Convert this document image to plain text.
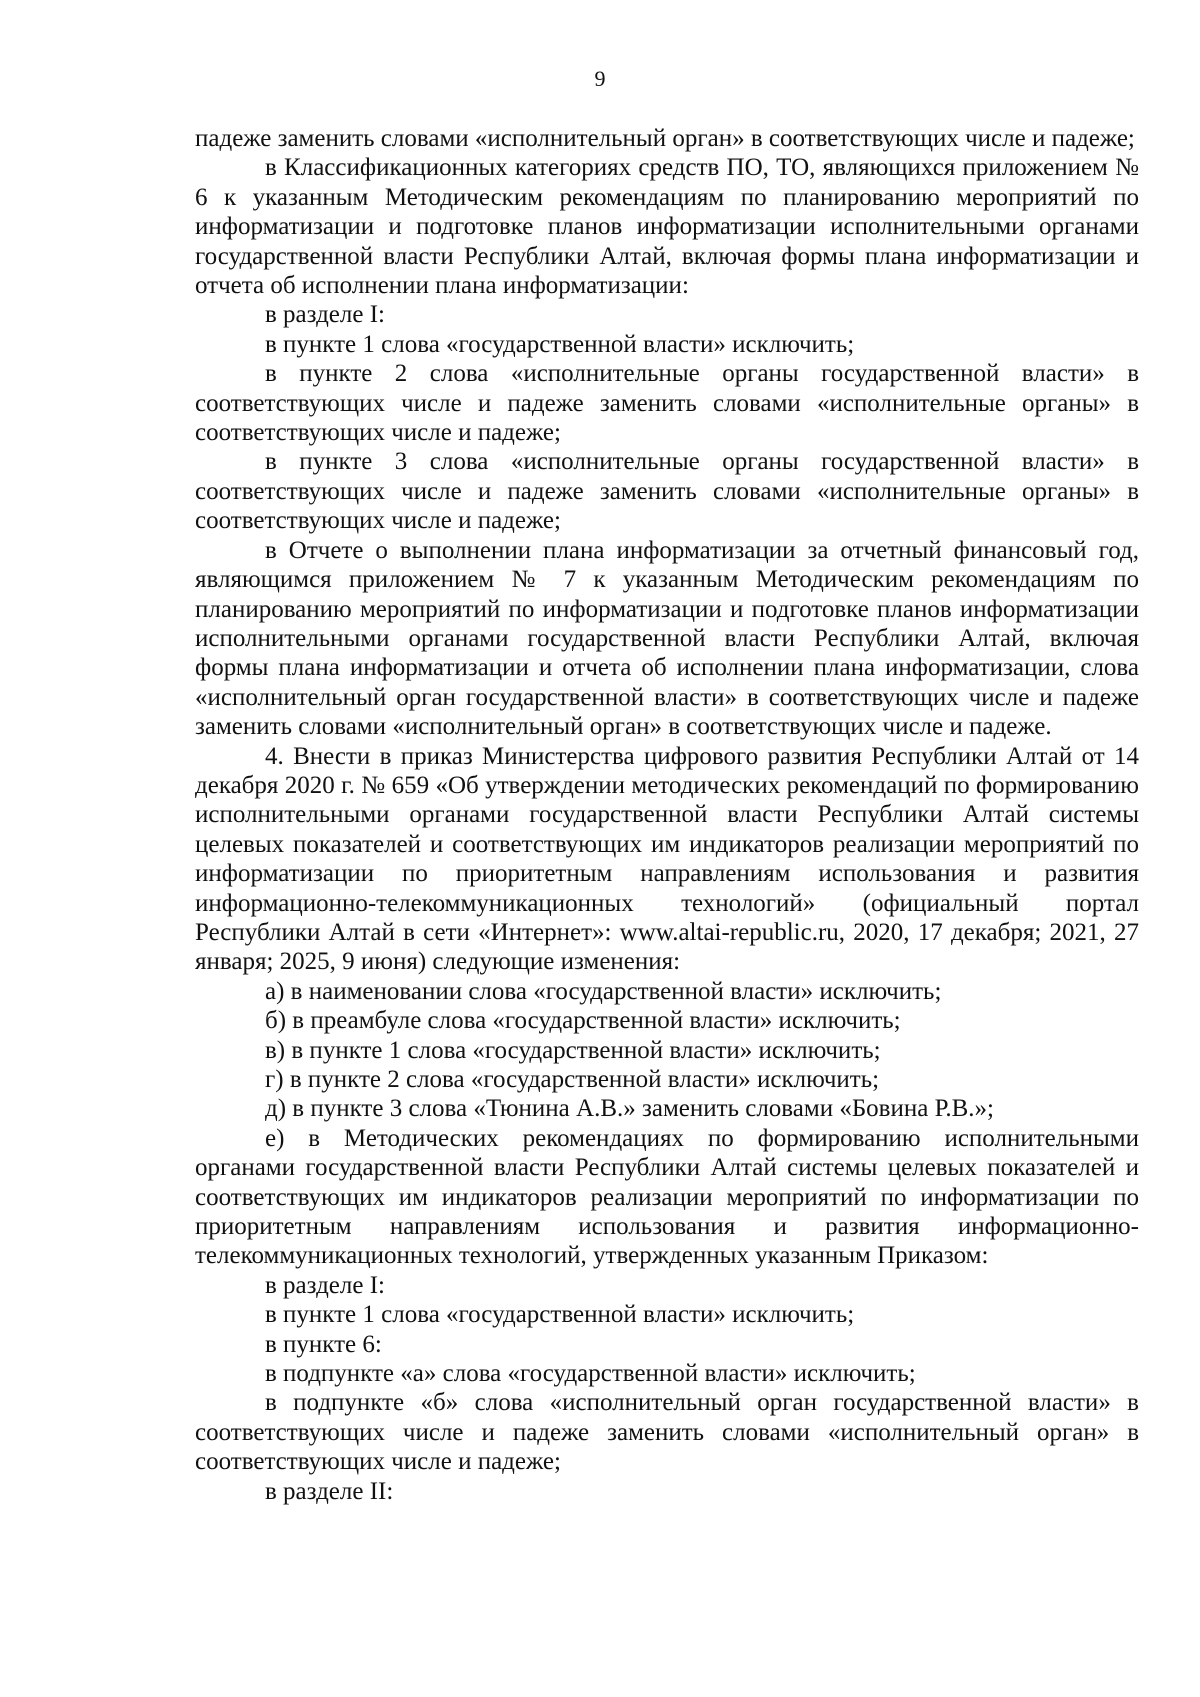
9

падеже заменить словами «исполнительный орган» в соответствующих числе и падеже;

в Классификационных категориях средств ПО, ТО, являющихся приложением № 6 к указанным Методическим рекомендациям по планированию мероприятий по информатизации и подготовке планов информатизации исполнительными органами государственной власти Республики Алтай, включая формы плана информатизации и отчета об исполнении плана информатизации:

в разделе I:

в пункте 1 слова «государственной власти» исключить;

в пункте 2 слова «исполнительные органы государственной власти» в соответствующих числе и падеже заменить словами «исполнительные органы» в соответствующих числе и падеже;

в пункте 3 слова «исполнительные органы государственной власти» в соответствующих числе и падеже заменить словами «исполнительные органы» в соответствующих числе и падеже;

в Отчете о выполнении плана информатизации за отчетный финансовый год, являющимся приложением № 7 к указанным Методическим рекомендациям по планированию мероприятий по информатизации и подготовке планов информатизации исполнительными органами государственной власти Республики Алтай, включая формы плана информатизации и отчета об исполнении плана информатизации, слова «исполнительный орган государственной власти» в соответствующих числе и падеже заменить словами «исполнительный орган» в соответствующих числе и падеже.

4. Внести в приказ Министерства цифрового развития Республики Алтай от 14 декабря 2020 г. № 659 «Об утверждении методических рекомендаций по формированию исполнительными органами государственной власти Республики Алтай системы целевых показателей и соответствующих им индикаторов реализации мероприятий по информатизации по приоритетным направлениям использования и развития информационно-телекоммуникационных технологий» (официальный портал Республики Алтай в сети «Интернет»: www.altai-republic.ru, 2020, 17 декабря; 2021, 27 января; 2025, 9 июня) следующие изменения:

а) в наименовании слова «государственной власти» исключить;

б) в преамбуле слова «государственной власти» исключить;

в) в пункте 1 слова «государственной власти» исключить;

г) в пункте 2 слова «государственной власти» исключить;

д) в пункте 3 слова «Тюнина А.В.» заменить словами «Бовина Р.В.»;

е) в Методических рекомендациях по формированию исполнительными органами государственной власти Республики Алтай системы целевых показателей и соответствующих им индикаторов реализации мероприятий по информатизации по приоритетным направлениям использования и развития информационно-телекоммуникационных технологий, утвержденных указанным Приказом:

в разделе I:

в пункте 1 слова «государственной власти» исключить;

в пункте 6:

в подпункте «а» слова «государственной власти» исключить;

в подпункте «б» слова «исполнительный орган государственной власти» в соответствующих числе и падеже заменить словами «исполнительный орган» в соответствующих числе и падеже;

в разделе II:
